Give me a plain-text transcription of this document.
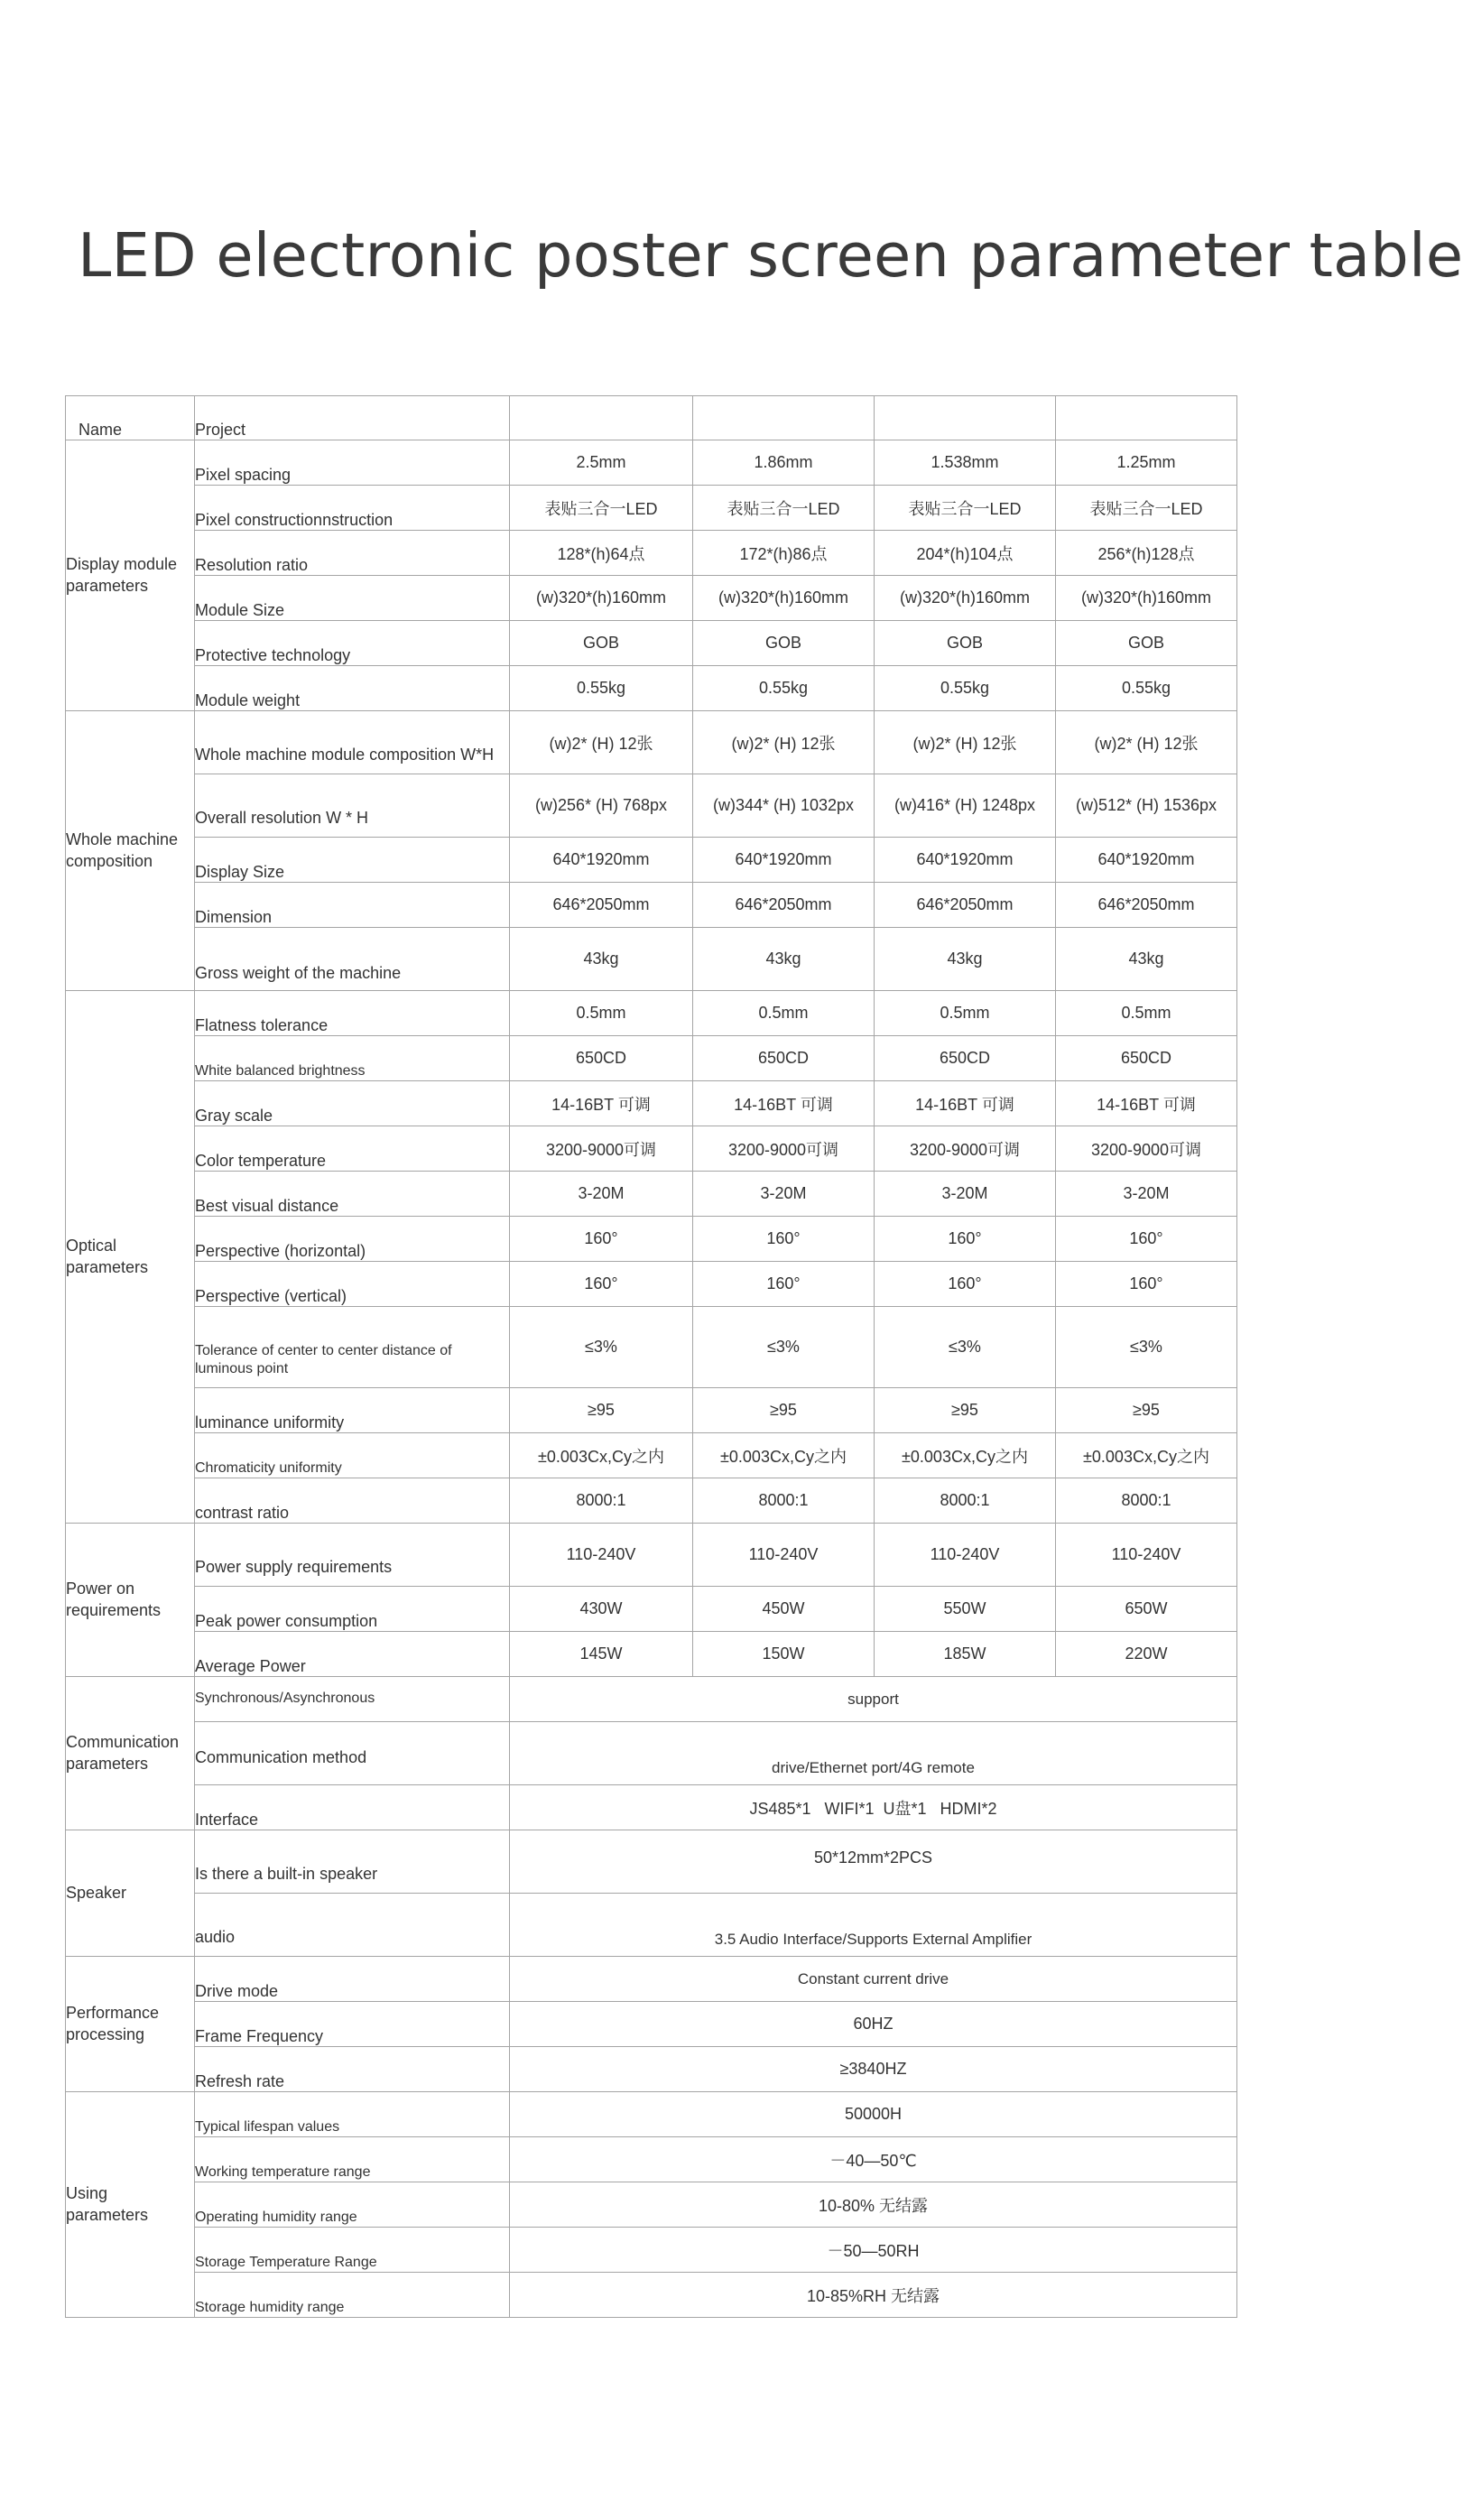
LED electronic poster screen parameter table
Name	Project				
Display module parameters	Pixel spacing	2.5mm	1.86mm	1.538mm	1.25mm
	Pixel constructionnstruction	表贴三合一LED	表贴三合一LED	表贴三合一LED	表贴三合一LED
	Resolution ratio	128*(h)64点	172*(h)86点	204*(h)104点	256*(h)128点
	Module Size	(w)320*(h)160mm	(w)320*(h)160mm	(w)320*(h)160mm	(w)320*(h)160mm
	Protective technology	GOB	GOB	GOB	GOB
	Module weight	0.55kg	0.55kg	0.55kg	0.55kg
Whole machine composition	Whole machine module composition W*H	(w)2* (H) 12张	(w)2* (H) 12张	(w)2* (H) 12张	(w)2* (H) 12张
	Overall resolution W * H	(w)256* (H) 768px	(w)344* (H) 1032px	(w)416* (H) 1248px	(w)512* (H) 1536px
	Display Size	640*1920mm	640*1920mm	640*1920mm	640*1920mm
	Dimension	646*2050mm	646*2050mm	646*2050mm	646*2050mm
	Gross weight of the machine	43kg	43kg	43kg	43kg
Optical parameters	Flatness tolerance	0.5mm	0.5mm	0.5mm	0.5mm
	White balanced brightness	650CD	650CD	650CD	650CD
	Gray scale	14-16BT 可调	14-16BT 可调	14-16BT 可调	14-16BT 可调
	Color temperature	3200-9000可调	3200-9000可调	3200-9000可调	3200-9000可调
	Best visual distance	3-20M	3-20M	3-20M	3-20M
	Perspective (horizontal)	160°	160°	160°	160°
	Perspective (vertical)	160°	160°	160°	160°
	Tolerance of center to center distance of luminous point	≤3%	≤3%	≤3%	≤3%
	luminance uniformity	≥95	≥95	≥95	≥95
	Chromaticity uniformity	±0.003Cx,Cy之内	±0.003Cx,Cy之内	±0.003Cx,Cy之内	±0.003Cx,Cy之内
	contrast ratio	8000:1	8000:1	8000:1	8000:1
Power on requirements	Power supply requirements	110-240V	110-240V	110-240V	110-240V
	Peak power consumption	430W	450W	550W	650W
	Average Power	145W	150W	185W	220W
Communication parameters	Synchronous/Asynchronous	support			
	Communication method	drive/Ethernet port/4G remote			
	Interface	JS485*1   WIFI*1  U盘*1   HDMI*2			
Speaker	Is there a built-in speaker	50*12mm*2PCS			
	audio	3.5 Audio Interface/Supports External Amplifier			
Performance processing	Drive mode	Constant current drive			
	Frame Frequency	60HZ			
	Refresh rate	≥3840HZ			
Using parameters	Typical lifespan values	50000H			
	Working temperature range	－40—50℃			
	Operating humidity range	10-80% 无结露			
	Storage Temperature Range	－50—50RH			
	Storage humidity range	10-85%RH 无结露			
